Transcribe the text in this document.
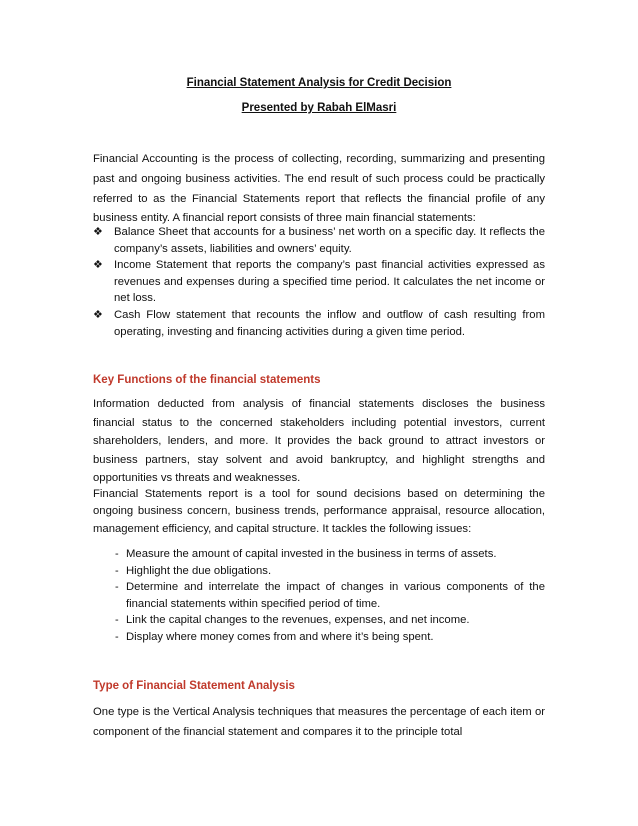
Financial Statement Analysis for Credit Decision
Presented by Rabah ElMasri
Financial Accounting is the process of collecting, recording, summarizing and presenting past and ongoing business activities. The end result of such process could be practically referred to as the Financial Statements report that reflects the financial profile of any business entity. A financial report consists of three main financial statements:
❖ Balance Sheet that accounts for a business’ net worth on a specific day. It reflects the company’s assets, liabilities and owners’ equity.
❖ Income Statement that reports the company’s past financial activities expressed as revenues and expenses during a specified time period. It calculates the net income or net loss.
❖ Cash Flow statement that recounts the inflow and outflow of cash resulting from operating, investing and financing activities during a given time period.
Key Functions of the financial statements
Information deducted from analysis of financial statements discloses the business financial status to the concerned stakeholders including potential investors, current shareholders, lenders, and more. It provides the back ground to attract investors or business partners, stay solvent and avoid bankruptcy, and highlight strengths and opportunities vs threats and weaknesses.
Financial Statements report is a tool for sound decisions based on determining the ongoing business concern, business trends, performance appraisal, resource allocation, management efficiency, and capital structure. It tackles the following issues:
- Measure the amount of capital invested in the business in terms of assets.
- Highlight the due obligations.
- Determine and interrelate the impact of changes in various components of the financial statements within specified period of time.
- Link the capital changes to the revenues, expenses, and net income.
- Display where money comes from and where it’s being spent.
Type of Financial Statement Analysis
One type is the Vertical Analysis techniques that measures the percentage of each item or component of the financial statement and compares it to the principle total
